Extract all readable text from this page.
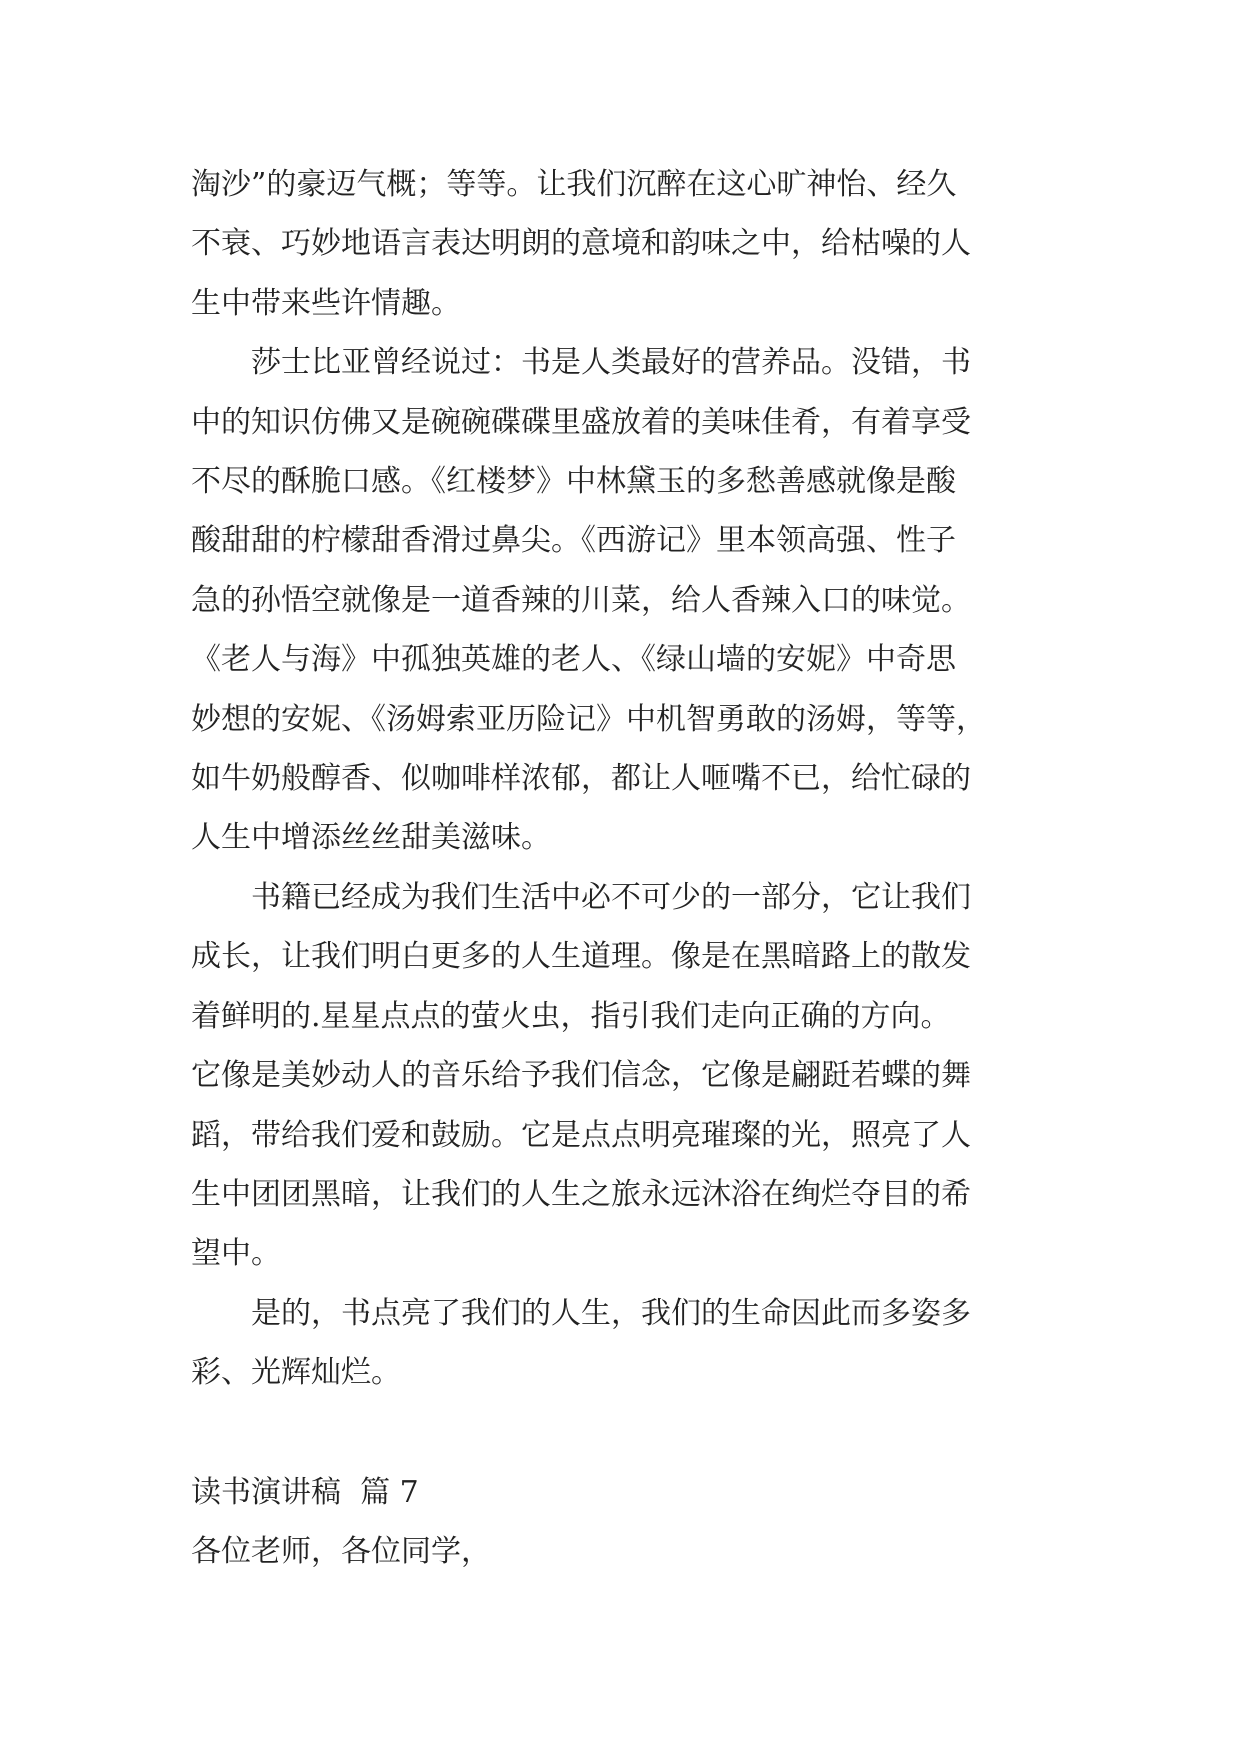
淘沙”的豪迈气概；等等。让我们沉醉在这心旷神怡、经久
不衰、巧妙地语言表达明朗的意境和韵味之中，给枯噪的人
生中带来些许情趣。

莎士比亚曾经说过：书是人类最好的营养品。没错，书
中的知识仿佛又是碗碗碟碟里盛放着的美味佳肴，有着享受
不尽的酥脆口感。《红楼梦》中林黛玉的多愁善感就像是酸
酸甜甜的柠檬甜香滑过鼻尖。《西游记》里本领高强、性子
急的孙悟空就像是一道香辣的川菜，给人香辣入口的味觉。
《老人与海》中孤独英雄的老人、《绿山墙的安妮》中奇思
妙想的安妮、《汤姆索亚历险记》中机智勇敢的汤姆，等等，
如牛奶般醇香、似咖啡样浓郁，都让人咂嘴不已，给忙碌的
人生中增添丝丝甜美滋味。

书籍已经成为我们生活中必不可少的一部分，它让我们
成长，让我们明白更多的人生道理。像是在黑暗路上的散发
着鲜明的.星星点点的萤火虫，指引我们走向正确的方向。
它像是美妙动人的音乐给予我们信念，它像是翩跹若蝶的舞
蹈，带给我们爱和鼓励。它是点点明亮璀璨的光，照亮了人
生中团团黑暗，让我们的人生之旅永远沐浴在绚烂夺目的希
望中。

是的，书点亮了我们的人生，我们的生命因此而多姿多
彩、光辉灿烂。

读书演讲稿  篇 7
各位老师，各位同学，
